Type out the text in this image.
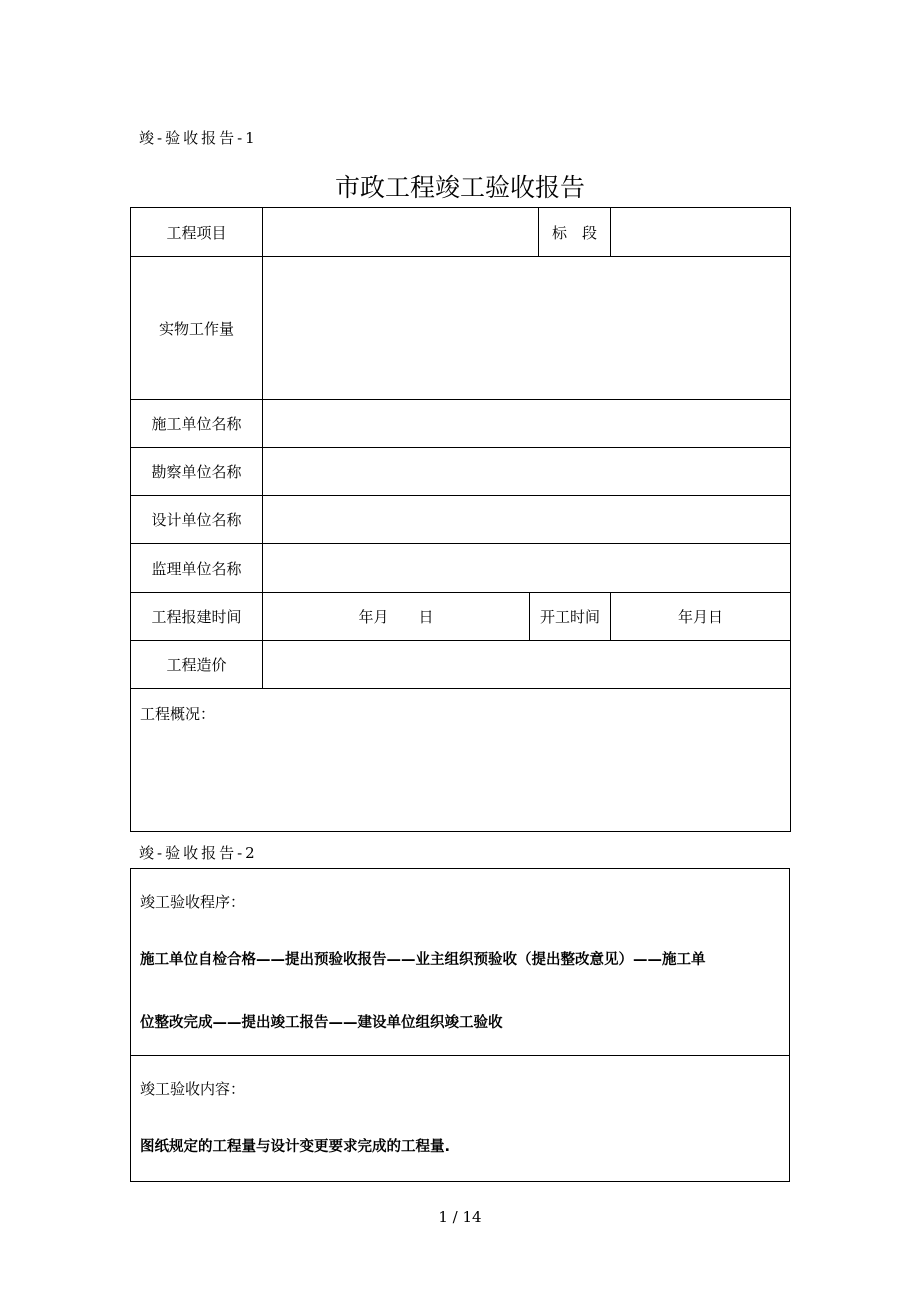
竣-验收报告-1
市政工程竣工验收报告
工程项目			标　段	
实物工作量				
施工单位名称				
勘察单位名称				
设计单位名称				
监理单位名称				
工程报建时间	年月　　日	开工时间		年月日
工程造价				
工程概况：				
竣-验收报告-2
竣工验收程序：
施工单位自检合格——提出预验收报告——业主组织预验收（提出整改意见）——施工单
位整改完成——提出竣工报告——建设单位组织竣工验收

竣工验收内容：
图纸规定的工程量与设计变更要求完成的工程量.
1 / 14
